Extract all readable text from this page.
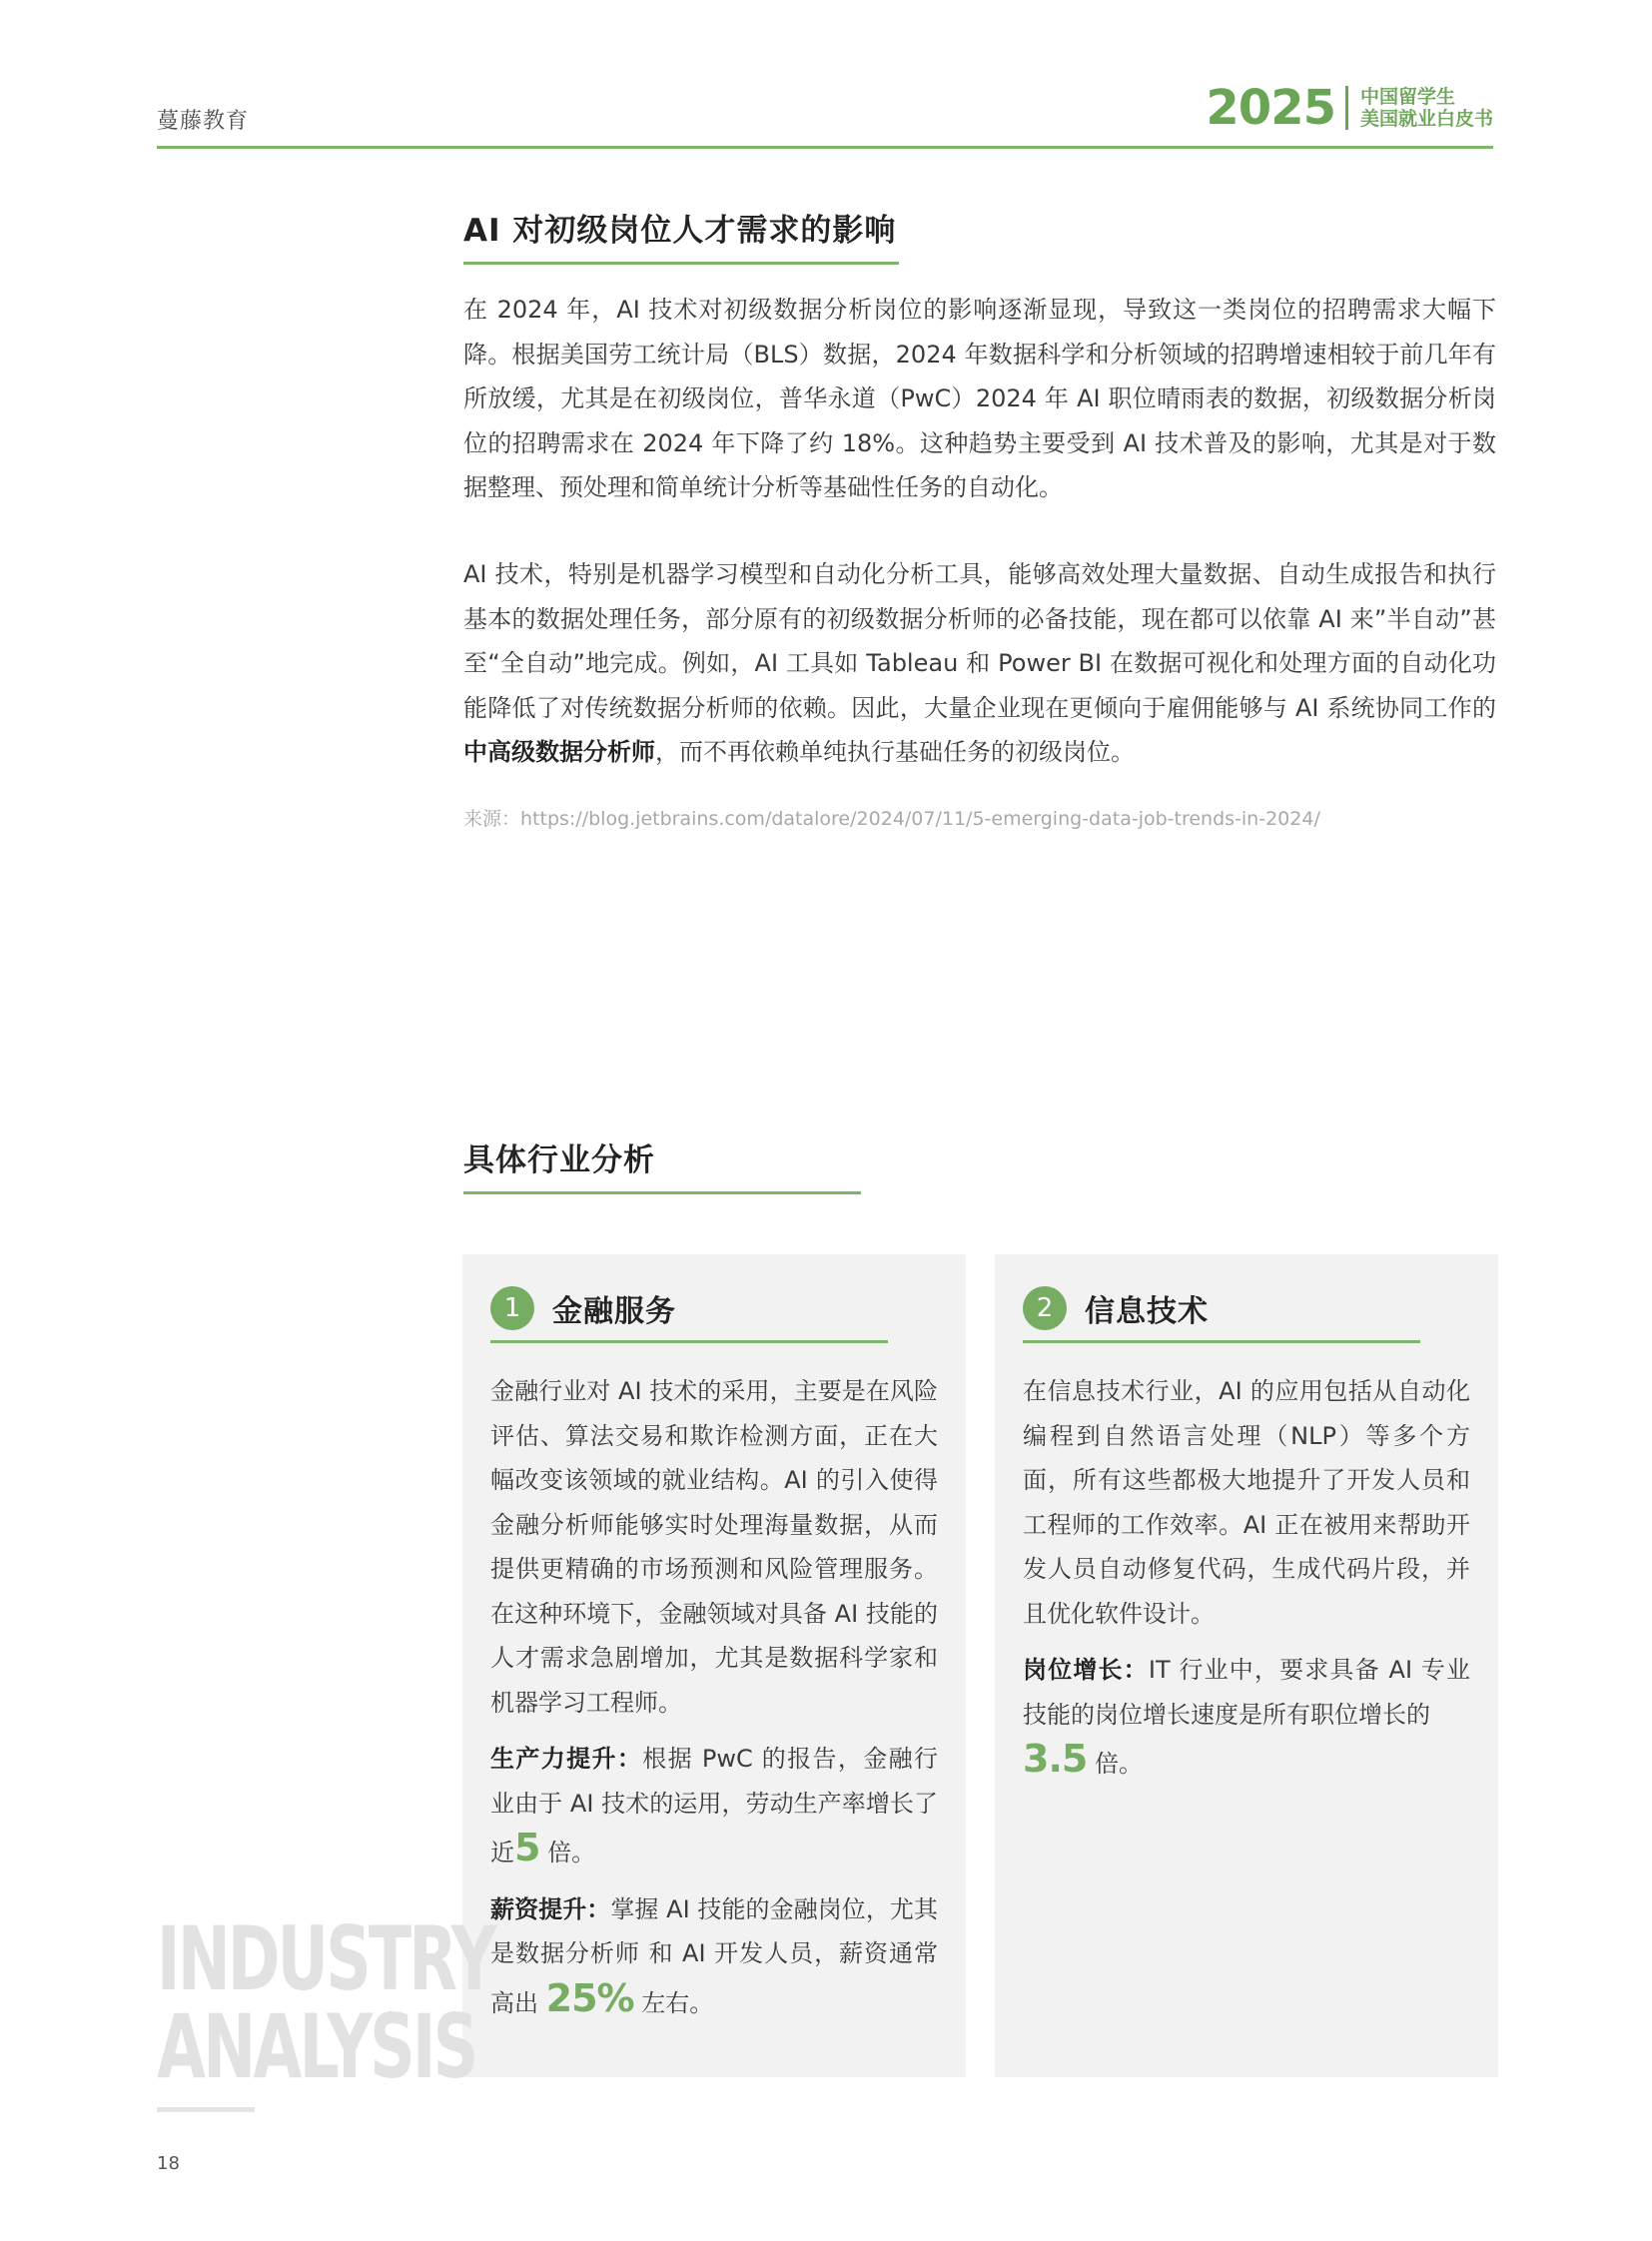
蔓藤教育	2025 中国留学生
美国就业白皮书
AI 对初级岗位人才需求的影响
在 2024 年，AI 技术对初级数据分析岗位的影响逐渐显现，导致这一类岗位的招聘需求大幅下降。根据美国劳工统计局（BLS）数据，2024 年数据科学和分析领域的招聘增速相较于前几年有所放缓，尤其是在初级岗位，普华永道（PwC）2024 年 AI 职位晴雨表的数据，初级数据分析岗位的招聘需求在 2024 年下降了约 18%。这种趋势主要受到 AI 技术普及的影响，尤其是对于数据整理、预处理和简单统计分析等基础性任务的自动化。
AI 技术，特别是机器学习模型和自动化分析工具，能够高效处理大量数据、自动生成报告和执行基本的数据处理任务，部分原有的初级数据分析师的必备技能，现在都可以依靠 AI 来”半自动”甚至“全自动”地完成。例如，AI 工具如 Tableau 和 Power BI 在数据可视化和处理方面的自动化功能降低了对传统数据分析师的依赖。因此，大量企业现在更倾向于雇佣能够与 AI 系统协同工作的中高级数据分析师，而不再依赖单纯执行基础任务的初级岗位。
来源：https://blog.jetbrains.com/datalore/2024/07/11/5-emerging-data-job-trends-in-2024/
具体行业分析
1	金融服务

金融行业对 AI 技术的采用，主要是在风险评估、算法交易和欺诈检测方面，正在大幅改变该领域的就业结构。AI 的引入使得金融分析师能够实时处理海量数据，从而提供更精确的市场预测和风险管理服务。在这种环境下，金融领域对具备 AI 技能的人才需求急剧增加，尤其是数据科学家和机器学习工程师。

生产力提升：根据 PwC 的报告，金融行业由于 AI 技术的运用，劳动生产率增长了近5 倍。

薪资提升：掌握 AI 技能的金融岗位，尤其是数据分析师 和 AI 开发人员，薪资通常高出 25% 左右。

2	信息技术

在信息技术行业，AI 的应用包括从自动化编程到自然语言处理（NLP）等多个方面，所有这些都极大地提升了开发人员和工程师的工作效率。AI 正在被用来帮助开发人员自动修复代码，生成代码片段，并且优化软件设计。

岗位增长：IT 行业中，要求具备 AI 专业技能的岗位增长速度是所有职位增长的
3.5 倍。

INDUSTRY
ANALYSIS
18
